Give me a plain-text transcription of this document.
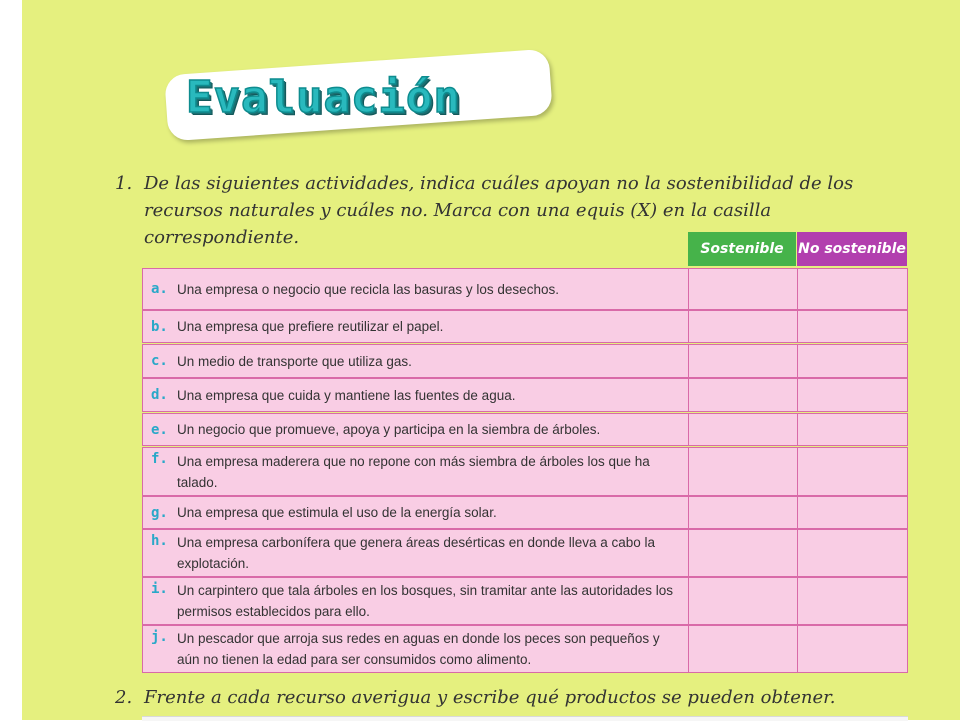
Evaluación
1. De las siguientes actividades, indica cuáles apoyan no la sostenibilidad de los recursos naturales y cuáles no. Marca con una equis (X) en la casilla correspondiente.
Sostenible	No sostenible
a. Una empresa o negocio que recicla las basuras y los desechos.
b. Una empresa que prefiere reutilizar el papel.
c. Un medio de transporte que utiliza gas.
d. Una empresa que cuida y mantiene las fuentes de agua.
e. Un negocio que promueve, apoya y participa en la siembra de árboles.
f. Una empresa maderera que no repone con más siembra de árboles los que ha talado.
g. Una empresa que estimula el uso de la energía solar.
h. Una empresa carbonífera que genera áreas desérticas en donde lleva a cabo la explotación.
i. Un carpintero que tala árboles en los bosques, sin tramitar ante las autoridades los permisos establecidos para ello.
j. Un pescador que arroja sus redes en aguas en donde los peces son pequeños y aún no tienen la edad para ser consumidos como alimento.
2. Frente a cada recurso averigua y escribe qué productos se pueden obtener.
